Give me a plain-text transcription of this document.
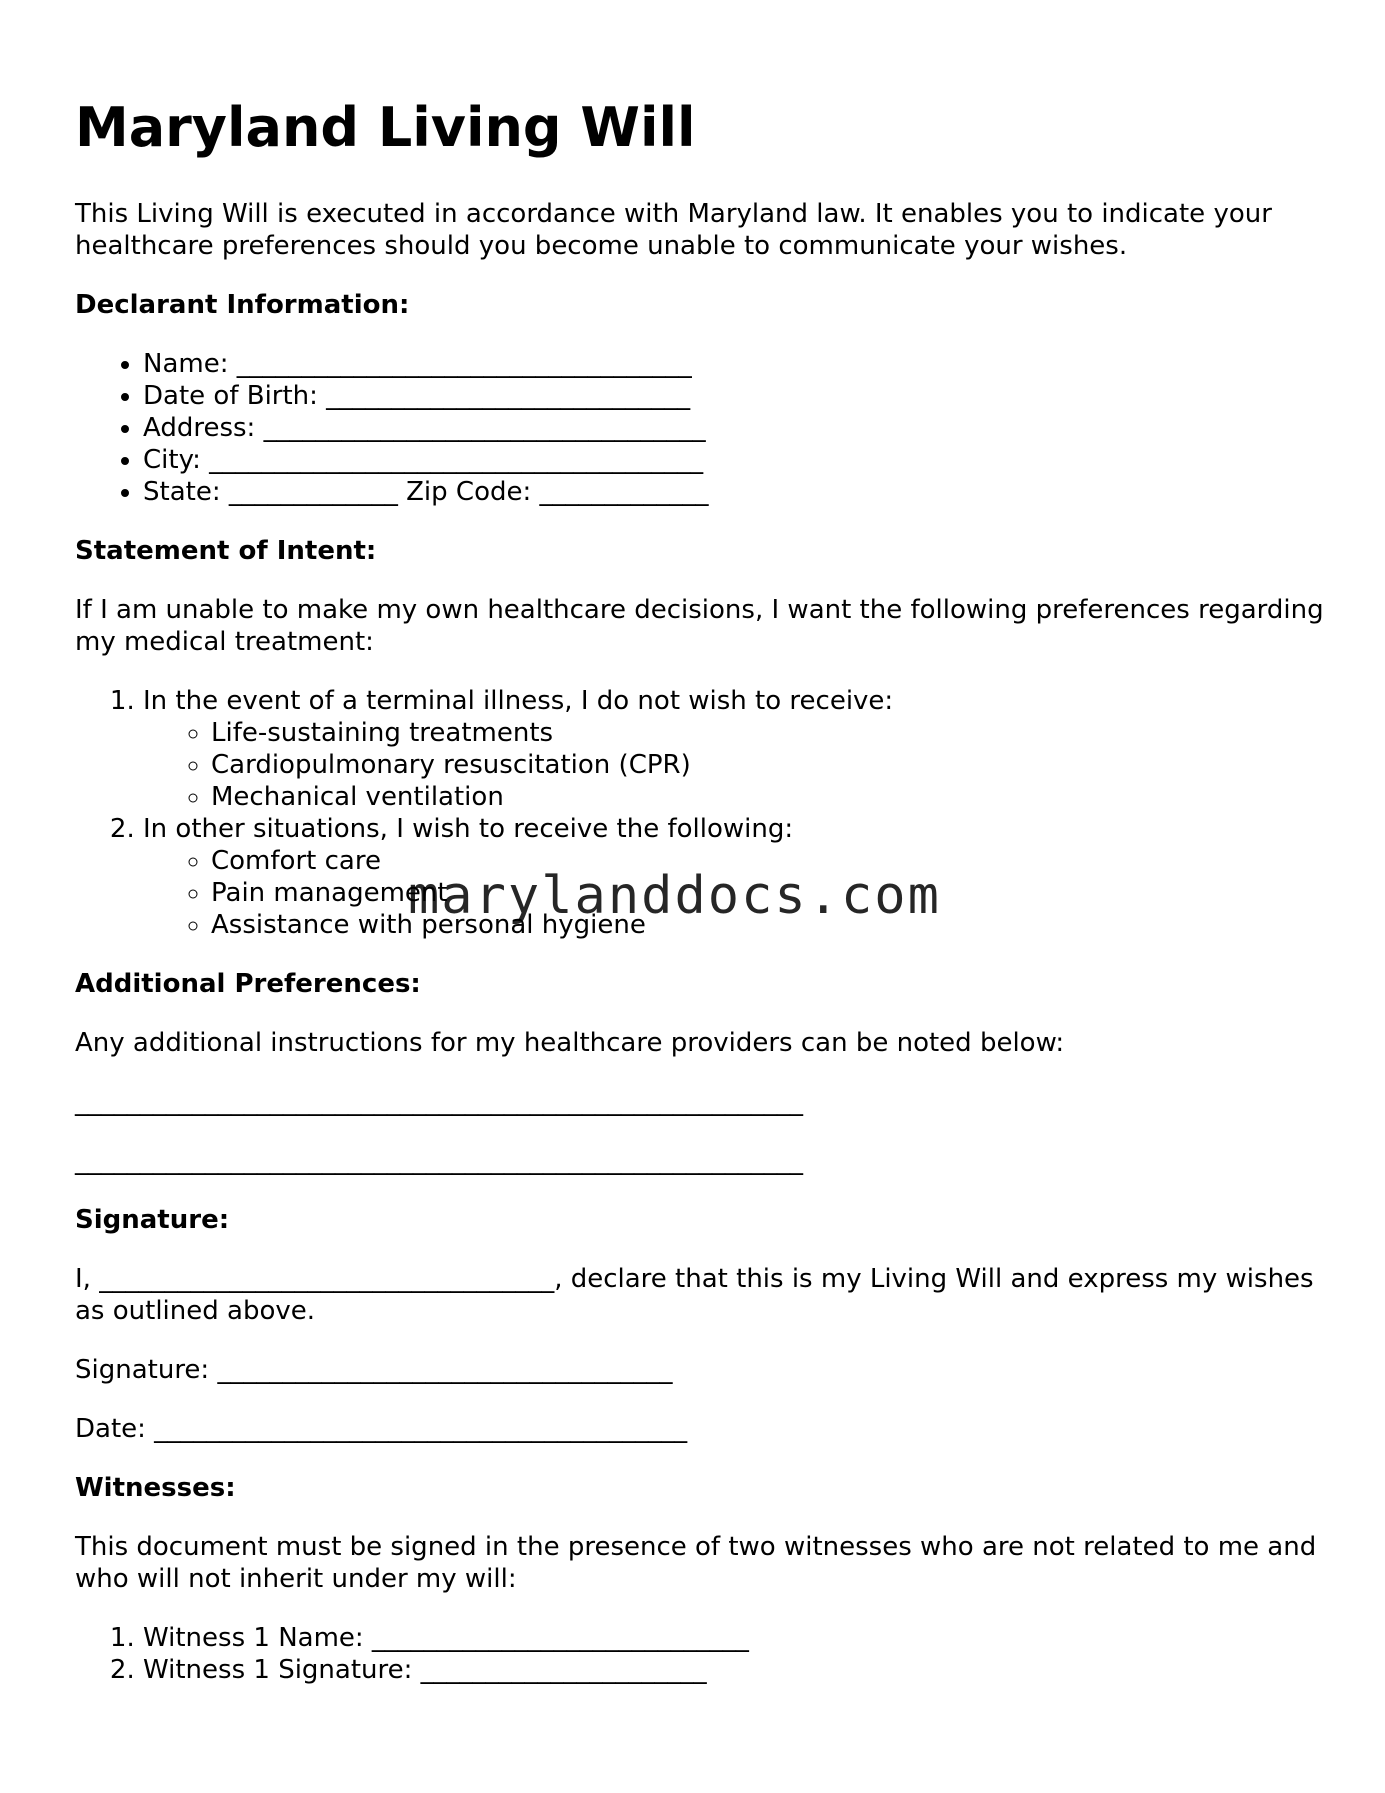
Maryland Living Will

This Living Will is executed in accordance with Maryland law. It enables you to indicate your healthcare preferences should you become unable to communicate your wishes.

Declarant Information:
• Name: ___________________________________
• Date of Birth: ____________________________
• Address: __________________________________
• City: ______________________________________
• State: _____________ Zip Code: _____________
Statement of Intent:

If I am unable to make my own healthcare decisions, I want the following preferences regarding my medical treatment:

1. In the event of a terminal illness, I do not wish to receive:
◦ Life-sustaining treatments
◦ Cardiopulmonary resuscitation (CPR)
◦ Mechanical ventilation
2. In other situations, I wish to receive the following:
◦ Comfort care
◦ Pain management
◦ Assistance with personal hygiene
Additional Preferences:

Any additional instructions for my healthcare providers can be noted below:

________________________________________________________
________________________________________________________
Signature:

I, ___________________________________, declare that this is my Living Will and express my wishes as outlined above.

Signature: ___________________________________

Date: _________________________________________

Witnesses:

This document must be signed in the presence of two witnesses who are not related to me and who will not inherit under my will:

1. Witness 1 Name: _____________________________
2. Witness 1 Signature: ______________________
marylanddocs.com
